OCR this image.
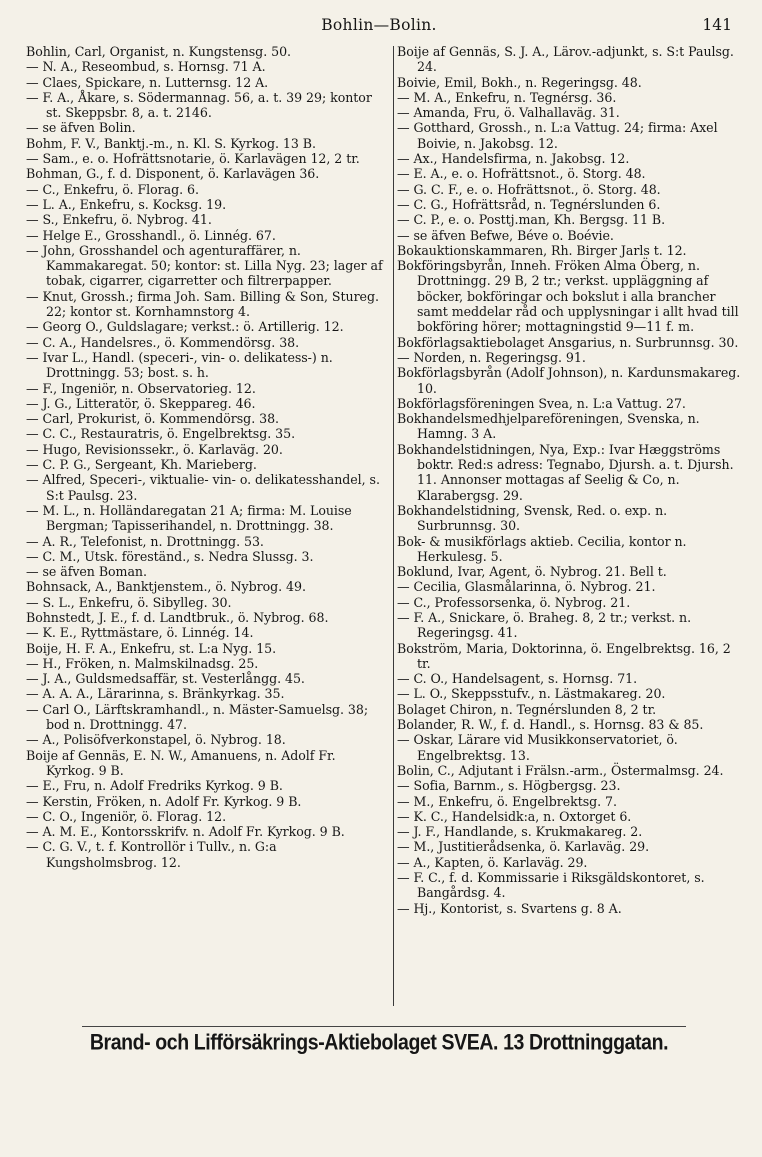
Bohlin—Bolin.	141

Bohlin, Carl, Organist, n. Kungstensg. 50.

— N. A., Reseombud, s. Hornsg. 71 A.

— Claes, Spickare, n. Lutternsg. 12 A.

— F. A., Åkare, s. Södermannag. 56, a. t. 39 29; kontor st. Skeppsbr. 8, a. t. 2146.

— se äfven Bolin.

Bohm, F. V., Banktj.-m., n. Kl. S. Kyrkog. 13 B.

— Sam., e. o. Hofrättsnotarie, ö. Karlavägen 12, 2 tr.

Bohman, G., f. d. Disponent, ö. Karlavägen 36.

— C., Enkefru, ö. Florag. 6.

— L. A., Enkefru, s. Kocksg. 19.

— S., Enkefru, ö. Nybrog. 41.

— Helge E., Grosshandl., ö. Linnég. 67.

— John, Grosshandel och agenturaffärer, n. Kammakaregat. 50; kontor: st. Lilla Nyg. 23; lager af tobak, cigarrer, cigarretter och filtrerpapper.

— Knut, Grossh.; firma Joh. Sam. Billing & Son, Stureg. 22; kontor st. Kornhamnstorg 4.

— Georg O., Guldslagare; verkst.: ö. Artillerig. 12.

— C. A., Handelsres., ö. Kommendörsg. 38.

— Ivar L., Handl. (speceri-, vin- o. delikatess-) n. Drottningg. 53; bost. s. h.

— F., Ingeniör, n. Observatorieg. 12.

— J. G., Litteratör, ö. Skeppareg. 46.

— Carl, Prokurist, ö. Kommendörsg. 38.

— C. C., Restauratris, ö. Engelbrektsg. 35.

— Hugo, Revisionssekr., ö. Karlaväg. 20.

— C. P. G., Sergeant, Kh. Marieberg.

— Alfred, Speceri-, viktualie- vin- o. delikatesshandel, s. S:t Paulsg. 23.

— M. L., n. Holländaregatan 21 A; firma: M. Louise Bergman; Tapisserihandel, n. Drottningg. 38.

— A. R., Telefonist, n. Drottningg. 53.

— C. M., Utsk. föreständ., s. Nedra Slussg. 3.

— se äfven Boman.

Bohnsack, A., Banktjenstem., ö. Nybrog. 49.

— S. L., Enkefru, ö. Sibylleg. 30.

Bohnstedt, J. E., f. d. Landtbruk., ö. Nybrog. 68.

— K. E., Ryttmästare, ö. Linnég. 14.

Boije, H. F. A., Enkefru, st. L:a Nyg. 15.

— H., Fröken, n. Malmskilnadsg. 25.

— J. A., Guldsmedsaffär, st. Vesterlångg. 45.

— A. A. A., Lärarinna, s. Bränkyrkag. 35.

— Carl O., Lärftskramhandl., n. Mäster-Samuelsg. 38; bod n. Drottningg. 47.

— A., Polisöfverkonstapel, ö. Nybrog. 18.

Boije af Gennäs, E. N. W., Amanuens, n. Adolf Fr. Kyrkog. 9 B.

— E., Fru, n. Adolf Fredriks Kyrkog. 9 B.

— Kerstin, Fröken, n. Adolf Fr. Kyrkog. 9 B.

— C. O., Ingeniör, ö. Florag. 12.

— A. M. E., Kontorsskrifv. n. Adolf Fr. Kyrkog. 9 B.

— C. G. V., t. f. Kontrollör i Tullv., n. G:a Kungsholmsbrog. 12.

Boije af Gennäs, S. J. A., Lärov.-adjunkt, s. S:t Paulsg. 24.

Boivie, Emil, Bokh., n. Regeringsg. 48.

— M. A., Enkefru, n. Tegnérsg. 36.

— Amanda, Fru, ö. Valhallaväg. 31.

— Gotthard, Grossh., n. L:a Vattug. 24; firma: Axel Boivie, n. Jakobsg. 12.

— Ax., Handelsfirma, n. Jakobsg. 12.

— E. A., e. o. Hofrättsnot., ö. Storg. 48.

— G. C. F., e. o. Hofrättsnot., ö. Storg. 48.

— C. G., Hofrättsråd, n. Tegnérslunden 6.

— C. P., e. o. Posttj.man, Kh. Bergsg. 11 B.

— se äfven Befwe, Béve o. Boévie.

Bokauktionskammaren, Rh. Birger Jarls t. 12.

Bokföringsbyrån, Inneh. Fröken Alma Öberg, n. Drottningg. 29 B, 2 tr.; verkst. uppläggning af böcker, bokföringar och bokslut i alla brancher samt meddelar råd och upplysningar i allt hvad till bokföring hörer; mottagningstid 9—11 f. m.

Bokförlagsaktiebolaget Ansgarius, n. Surbrunnsg. 30.

— Norden, n. Regeringsg. 91.

Bokförlagsbyrån (Adolf Johnson), n. Kardunsmakareg. 10.

Bokförlagsföreningen Svea, n. L:a Vattug. 27.

Bokhandelsmedhjelpareföreningen, Svenska, n. Hamng. 3 A.

Bokhandelstidningen, Nya, Exp.: Ivar Hæggströms boktr. Red:s adress: Tegnabo, Djursh. a. t. Djursh. 11. Annonser mottagas af Seelig & Co, n. Klarabergsg. 29.

Bokhandelstidning, Svensk, Red. o. exp. n. Surbrunnsg. 30.

Bok- & musikförlags aktieb. Cecilia, kontor n. Herkulesg. 5.

Boklund, Ivar, Agent, ö. Nybrog. 21. Bell t.

— Cecilia, Glasmålarinna, ö. Nybrog. 21.

— C., Professorsenka, ö. Nybrog. 21.

— F. A., Snickare, ö. Braheg. 8, 2 tr.; verkst. n. Regeringsg. 41.

Bokström, Maria, Doktorinna, ö. Engelbrektsg. 16, 2 tr.

— C. O., Handelsagent, s. Hornsg. 71.

— L. O., Skeppsstufv., n. Lästmakareg. 20.

Bolaget Chiron, n. Tegnérslunden 8, 2 tr.

Bolander, R. W., f. d. Handl., s. Hornsg. 83 & 85.

— Oskar, Lärare vid Musikkonservatoriet, ö. Engelbrektsg. 13.

Bolin, C., Adjutant i Frälsn.-arm., Östermalmsg. 24.

— Sofia, Barnm., s. Högbergsg. 23.

— M., Enkefru, ö. Engelbrektsg. 7.

— K. C., Handelsidk:a, n. Oxtorget 6.

— J. F., Handlande, s. Krukmakareg. 2.

— M., Justitierådsenka, ö. Karlaväg. 29.

— A., Kapten, ö. Karlaväg. 29.

— F. C., f. d. Kommissarie i Riksgäldskontoret, s. Bangårdsg. 4.

— Hj., Kontorist, s. Svartens g. 8 A.

Brand- och Lifförsäkrings-Aktiebolaget SVEA. 13 Drottninggatan.
